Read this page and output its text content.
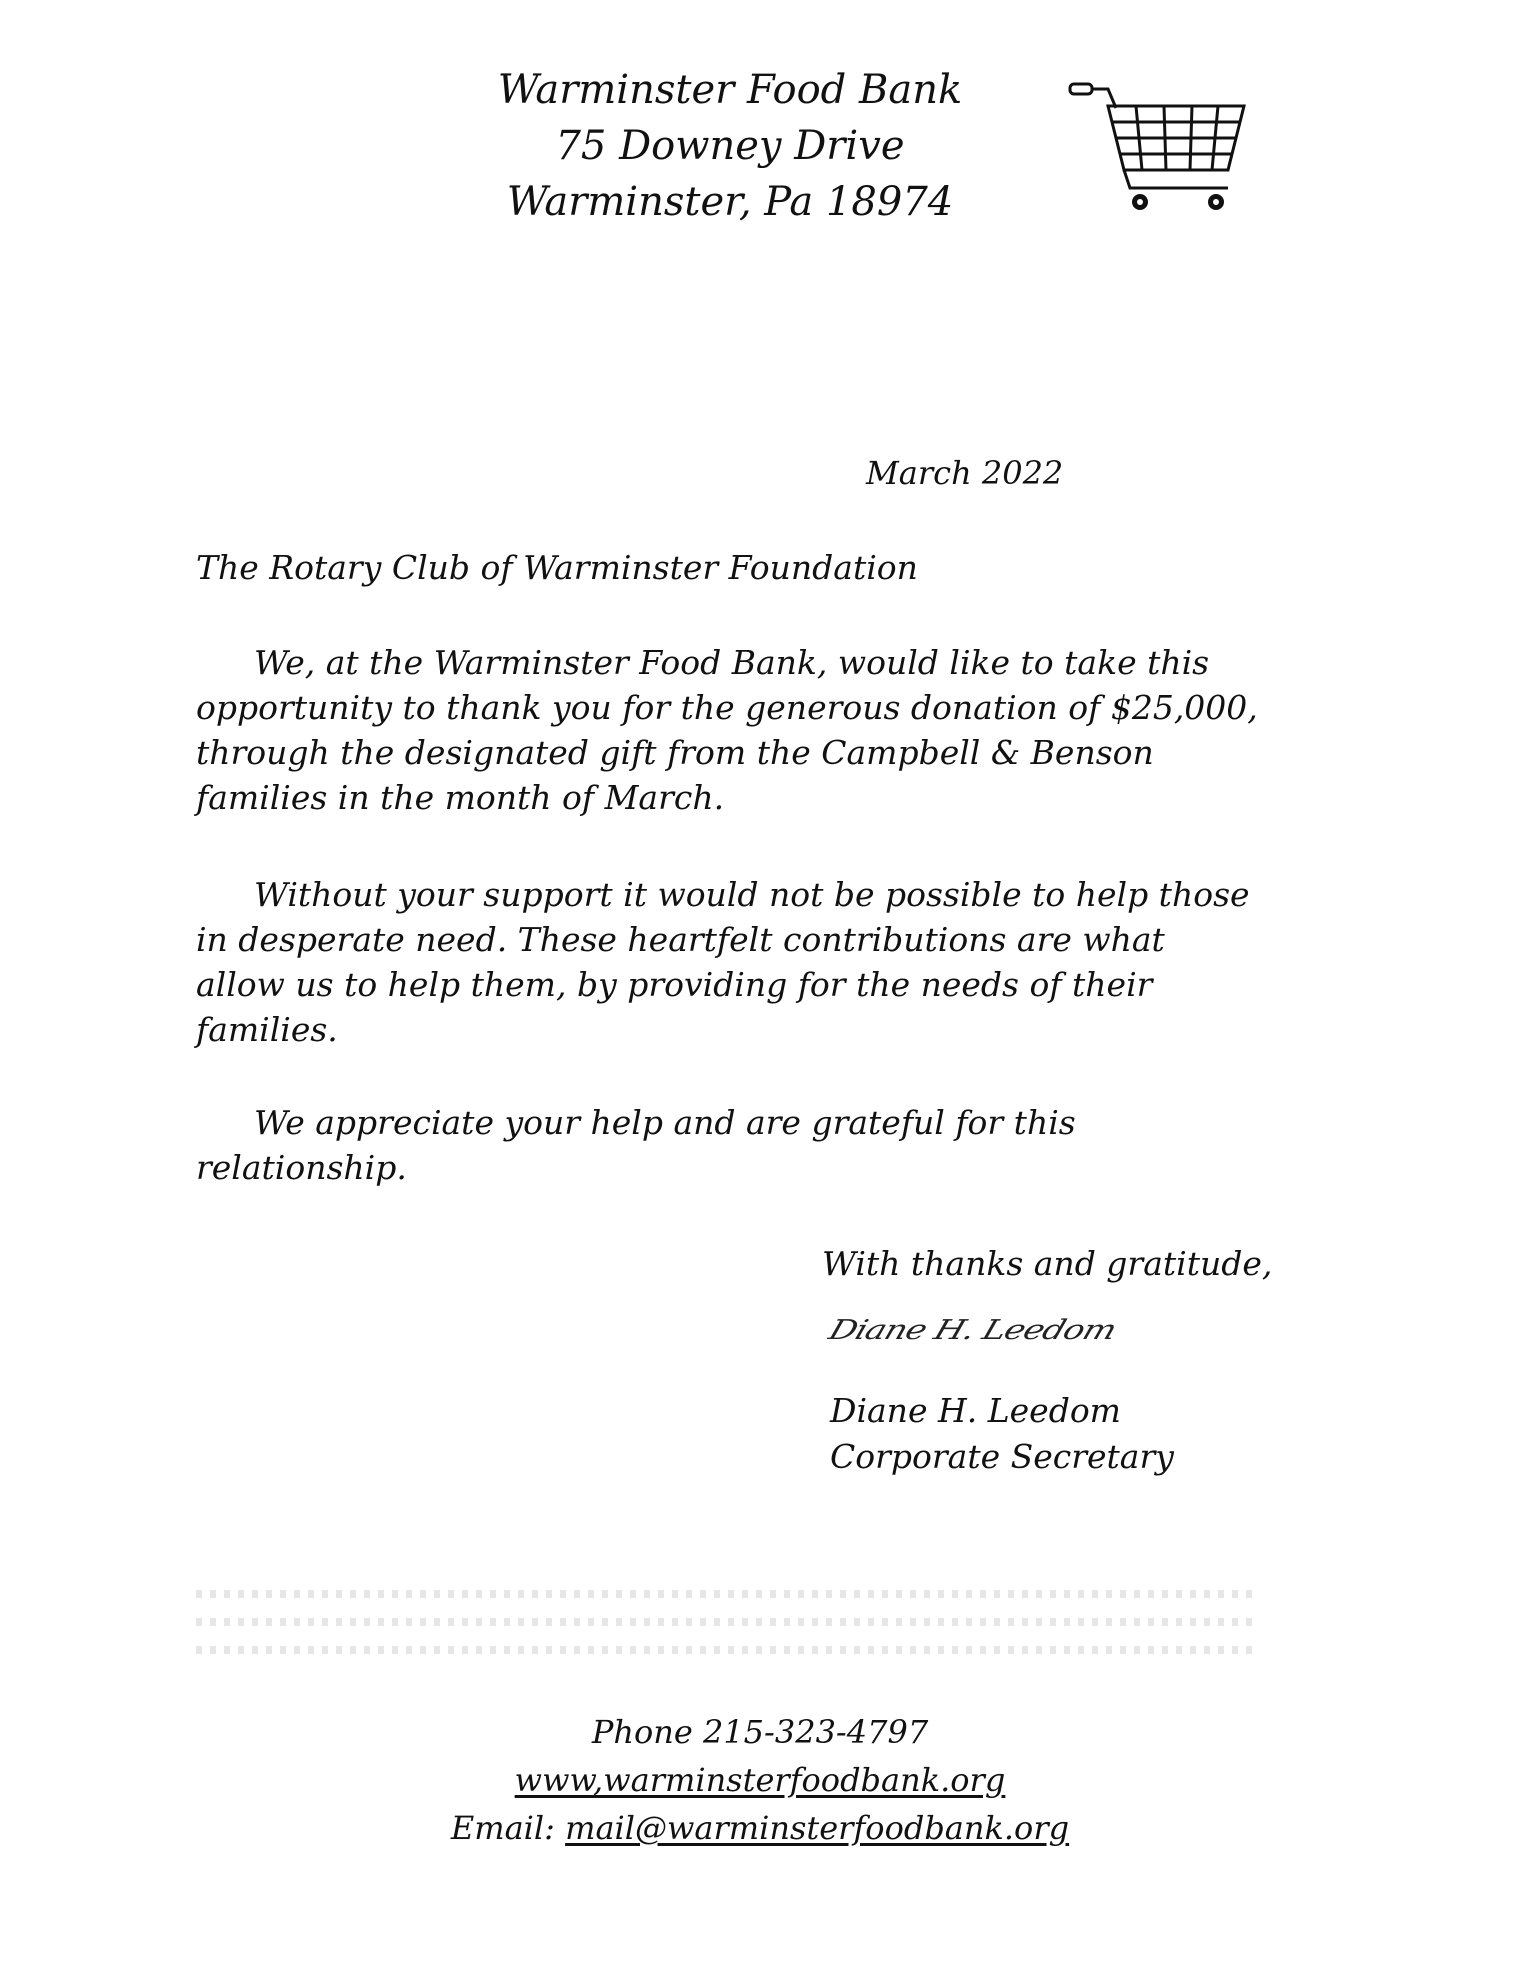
Warminster Food Bank
75 Downey Drive
Warminster, Pa 18974
March 2022
The Rotary Club of Warminster Foundation

We, at the Warminster Food Bank, would like to take this
opportunity to thank you for the generous donation of $25,000,
through the designated gift from the Campbell & Benson
families in the month of March.

Without your support it would not be possible to help those
in desperate need. These heartfelt contributions are what
allow us to help them, by providing for the needs of their
families.

We appreciate your help and are grateful for this
relationship.

With thanks and gratitude,
Diane H. Leedom
Diane H. Leedom
Corporate Secretary
Phone 215-323-4797
www,warminsterfoodbank.org
Email: mail@warminsterfoodbank.org
